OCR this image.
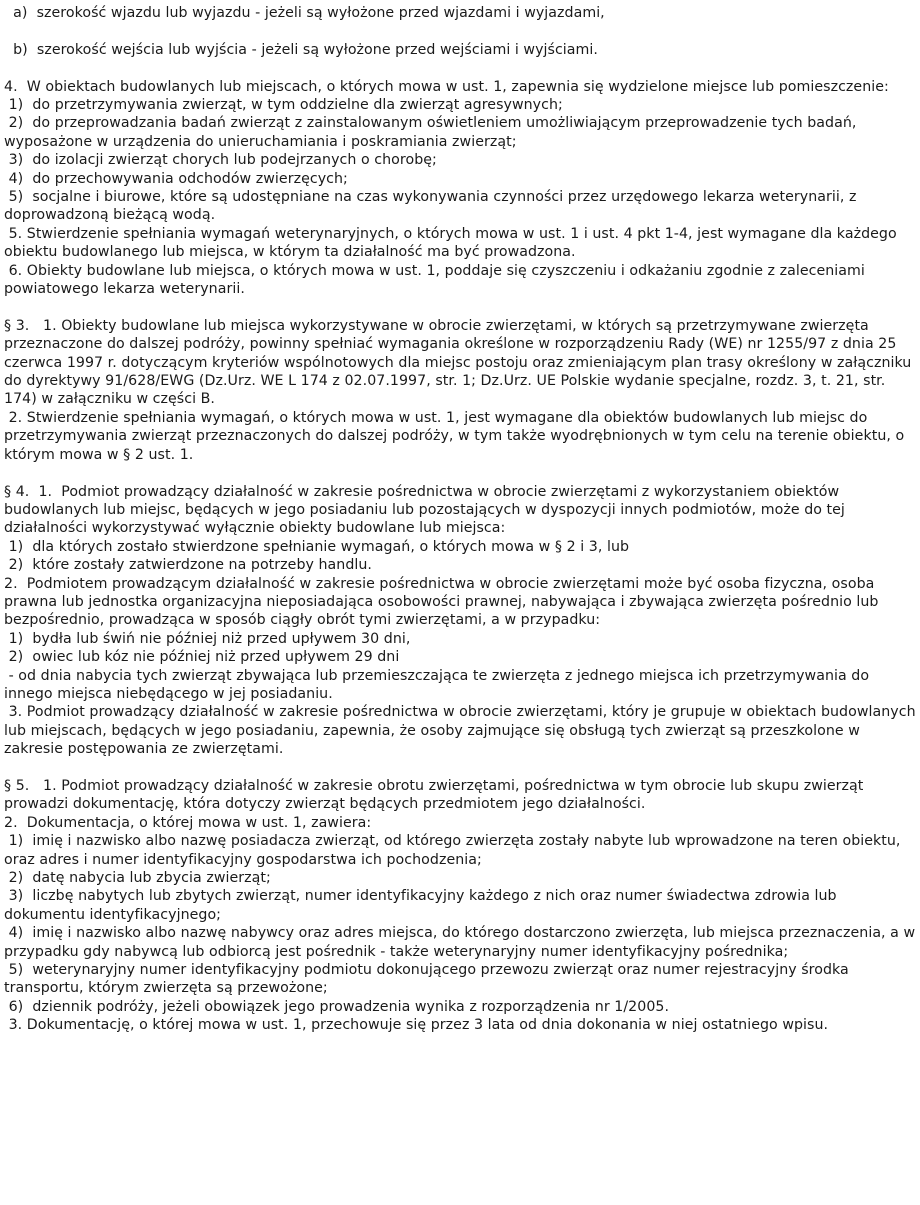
a)  szerokość wjazdu lub wyjazdu - jeżeli są wyłożone przed wjazdami i wyjazdami,

b)  szerokość wejścia lub wyjścia - jeżeli są wyłożone przed wejściami i wyjściami.

4.  W obiektach budowlanych lub miejscach, o których mowa w ust. 1, zapewnia się wydzielone miejsce lub pomieszczenie:

1)  do przetrzymywania zwierząt, w tym oddzielne dla zwierząt agresywnych;

2)  do przeprowadzania badań zwierząt z zainstalowanym oświetleniem umożliwiającym przeprowadzenie tych badań, wyposażone w urządzenia do unieruchamiania i poskramiania zwierząt;

3)  do izolacji zwierząt chorych lub podejrzanych o chorobę;

4)  do przechowywania odchodów zwierzęcych;

5)  socjalne i biurowe, które są udostępniane na czas wykonywania czynności przez urzędowego lekarza weterynarii, z doprowadzoną bieżącą wodą.

5. Stwierdzenie spełniania wymagań weterynaryjnych, o których mowa w ust. 1 i ust. 4 pkt 1-4, jest wymagane dla każdego obiektu budowlanego lub miejsca, w którym ta działalność ma być prowadzona.

6. Obiekty budowlane lub miejsca, o których mowa w ust. 1, poddaje się czyszczeniu i odkażaniu zgodnie z zaleceniami powiatowego lekarza weterynarii.

§ 3.   1. Obiekty budowlane lub miejsca wykorzystywane w obrocie zwierzętami, w których są przetrzymywane zwierzęta przeznaczone do dalszej podróży, powinny spełniać wymagania określone w rozporządzeniu Rady (WE) nr 1255/97 z dnia 25 czerwca 1997 r. dotyczącym kryteriów wspólnotowych dla miejsc postoju oraz zmieniającym plan trasy określony w załączniku do dyrektywy 91/628/EWG (Dz.Urz. WE L 174 z 02.07.1997, str. 1; Dz.Urz. UE Polskie wydanie specjalne, rozdz. 3, t. 21, str. 174) w załączniku w części B.

2. Stwierdzenie spełniania wymagań, o których mowa w ust. 1, jest wymagane dla obiektów budowlanych lub miejsc do przetrzymywania zwierząt przeznaczonych do dalszej podróży, w tym także wyodrębnionych w tym celu na terenie obiektu, o którym mowa w § 2 ust. 1.

§ 4.  1.  Podmiot prowadzący działalność w zakresie pośrednictwa w obrocie zwierzętami z wykorzystaniem obiektów budowlanych lub miejsc, będących w jego posiadaniu lub pozostających w dyspozycji innych podmiotów, może do tej działalności wykorzystywać wyłącznie obiekty budowlane lub miejsca:

1)  dla których zostało stwierdzone spełnianie wymagań, o których mowa w § 2 i 3, lub

2)  które zostały zatwierdzone na potrzeby handlu.

2.  Podmiotem prowadzącym działalność w zakresie pośrednictwa w obrocie zwierzętami może być osoba fizyczna, osoba prawna lub jednostka organizacyjna nieposiadająca osobowości prawnej, nabywająca i zbywająca zwierzęta pośrednio lub bezpośrednio, prowadząca w sposób ciągły obrót tymi zwierzętami, a w przypadku:

1)  bydła lub świń nie później niż przed upływem 30 dni,

2)  owiec lub kóz nie później niż przed upływem 29 dni

- od dnia nabycia tych zwierząt zbywająca lub przemieszczająca te zwierzęta z jednego miejsca ich przetrzymywania do innego miejsca niebędącego w jej posiadaniu.

3. Podmiot prowadzący działalność w zakresie pośrednictwa w obrocie zwierzętami, który je grupuje w obiektach budowlanych lub miejscach, będących w jego posiadaniu, zapewnia, że osoby zajmujące się obsługą tych zwierząt są przeszkolone w zakresie postępowania ze zwierzętami.

§ 5.   1. Podmiot prowadzący działalność w zakresie obrotu zwierzętami, pośrednictwa w tym obrocie lub skupu zwierząt prowadzi dokumentację, która dotyczy zwierząt będących przedmiotem jego działalności.

2.  Dokumentacja, o której mowa w ust. 1, zawiera:

1)  imię i nazwisko albo nazwę posiadacza zwierząt, od którego zwierzęta zostały nabyte lub wprowadzone na teren obiektu, oraz adres i numer identyfikacyjny gospodarstwa ich pochodzenia;

2)  datę nabycia lub zbycia zwierząt;

3)  liczbę nabytych lub zbytych zwierząt, numer identyfikacyjny każdego z nich oraz numer świadectwa zdrowia lub dokumentu identyfikacyjnego;

4)  imię i nazwisko albo nazwę nabywcy oraz adres miejsca, do którego dostarczono zwierzęta, lub miejsca przeznaczenia, a w przypadku gdy nabywcą lub odbiorcą jest pośrednik - także weterynaryjny numer identyfikacyjny pośrednika;

5)  weterynaryjny numer identyfikacyjny podmiotu dokonującego przewozu zwierząt oraz numer rejestracyjny środka transportu, którym zwierzęta są przewożone;

6)  dziennik podróży, jeżeli obowiązek jego prowadzenia wynika z rozporządzenia nr 1/2005.

3. Dokumentację, o której mowa w ust. 1, przechowuje się przez 3 lata od dnia dokonania w niej ostatniego wpisu.
